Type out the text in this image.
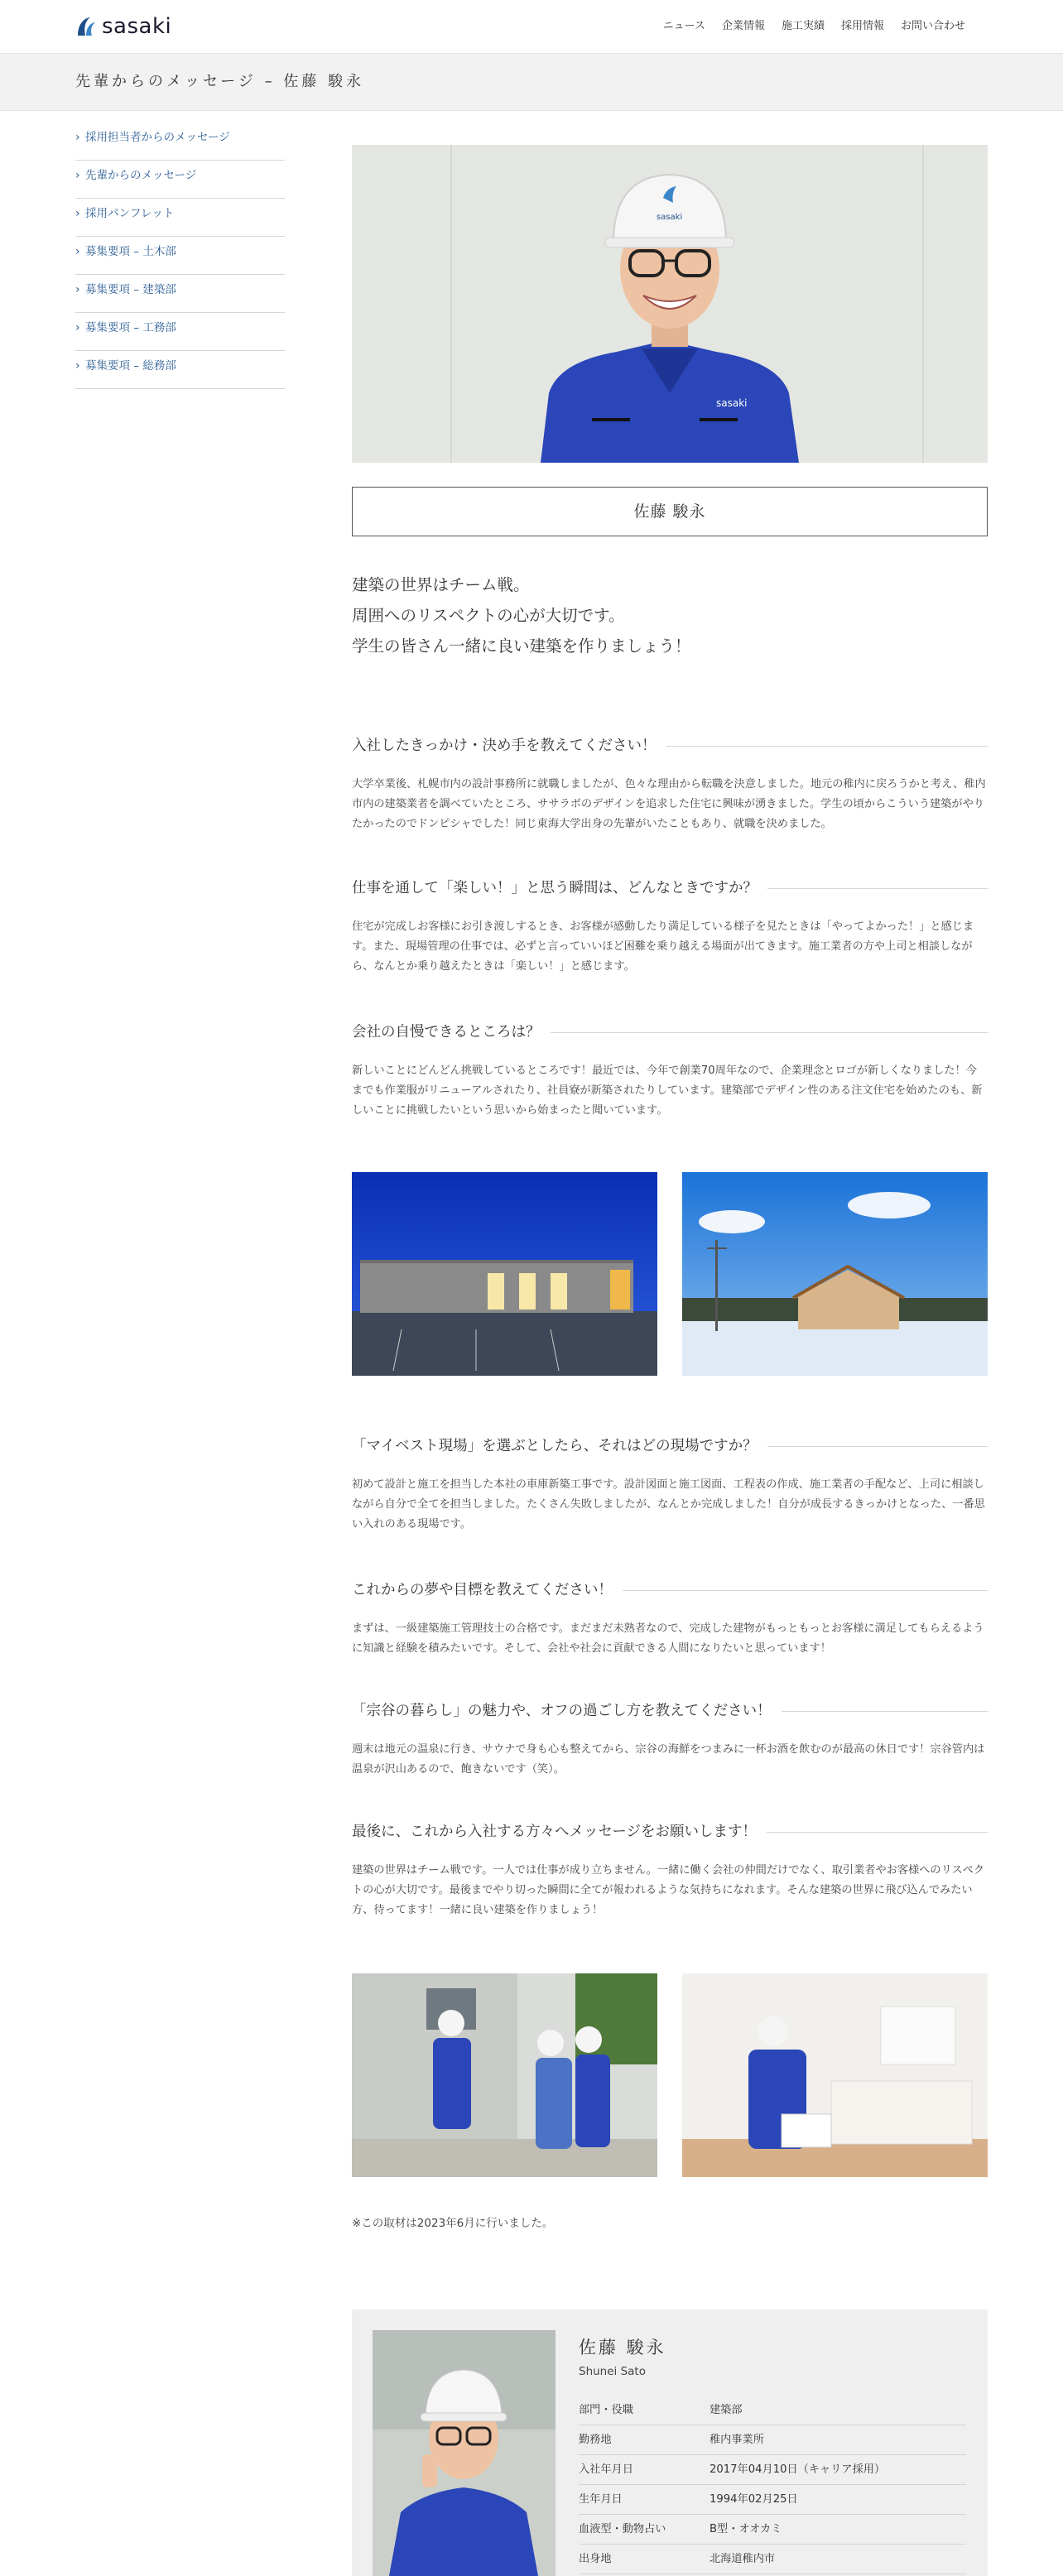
sasaki	ニュース 企業情報 施工実績 採用情報 お問い合わせ
先輩からのメッセージ – 佐藤 駿永
› 採用担当者からのメッセージ
› 先輩からのメッセージ
› 採用パンフレット
› 募集要項 – 土木部
› 募集要項 – 建築部
› 募集要項 – 工務部
› 募集要項 – 総務部
sasaki
sasaki
佐藤 駿永
建築の世界はチーム戦。
周囲へのリスペクトの心が大切です。
学生の皆さん一緒に良い建築を作りましょう！
入社したきっかけ・決め手を教えてください！

大学卒業後、札幌市内の設計事務所に就職しましたが、色々な理由から転職を決意しました。地元の稚内に戻ろうかと考え、稚内市内の建築業者を調べていたところ、ササラボのデザインを追求した住宅に興味が湧きました。学生の頃からこういう建築がやりたかったのでドンピシャでした！同じ東海大学出身の先輩がいたこともあり、就職を決めました。

仕事を通して「楽しい！」と思う瞬間は、どんなときですか？

住宅が完成しお客様にお引き渡しするとき、お客様が感動したり満足している様子を見たときは「やってよかった！」と感じます。また、現場管理の仕事では、必ずと言っていいほど困難を乗り越える場面が出てきます。施工業者の方や上司と相談しながら、なんとか乗り越えたときは「楽しい！」と感じます。

会社の自慢できるところは？

新しいことにどんどん挑戦しているところです！最近では、今年で創業70周年なので、企業理念とロゴが新しくなりました！今までも作業服がリニューアルされたり、社員寮が新築されたりしています。建築部でデザイン性のある注文住宅を始めたのも、新しいことに挑戦したいという思いから始まったと聞いています。

「マイベスト現場」を選ぶとしたら、それはどの現場ですか？

初めて設計と施工を担当した本社の車庫新築工事です。設計図面と施工図面、工程表の作成、施工業者の手配など、上司に相談しながら自分で全てを担当しました。たくさん失敗しましたが、なんとか完成しました！自分が成長するきっかけとなった、一番思い入れのある現場です。

これからの夢や目標を教えてください！

まずは、一級建築施工管理技士の合格です。まだまだ未熟者なので、完成した建物がもっともっとお客様に満足してもらえるように知識と経験を積みたいです。そして、会社や社会に貢献できる人間になりたいと思っています！

「宗谷の暮らし」の魅力や、オフの過ごし方を教えてください！

週末は地元の温泉に行き、サウナで身も心も整えてから、宗谷の海鮮をつまみに一杯お酒を飲むのが最高の休日です！宗谷管内は温泉が沢山あるので、飽きないです（笑）。

最後に、これから入社する方々へメッセージをお願いします！

建築の世界はチーム戦です。一人では仕事が成り立ちません。一緒に働く会社の仲間だけでなく、取引業者やお客様へのリスペクトの心が大切です。最後までやり切った瞬間に全てが報われるような気持ちになれます。そんな建築の世界に飛び込んでみたい方、待ってます！一緒に良い建築を作りましょう！

※この取材は2023年6月に行いました。
佐藤 駿永
Shunei Sato
部門・役職	建築部
勤務地	稚内事業所
入社年月日	2017年04月10日（キャリア採用）
生年月日	1994年02月25日
血液型・動物占い	B型・オオカミ
出身地	北海道稚内市
